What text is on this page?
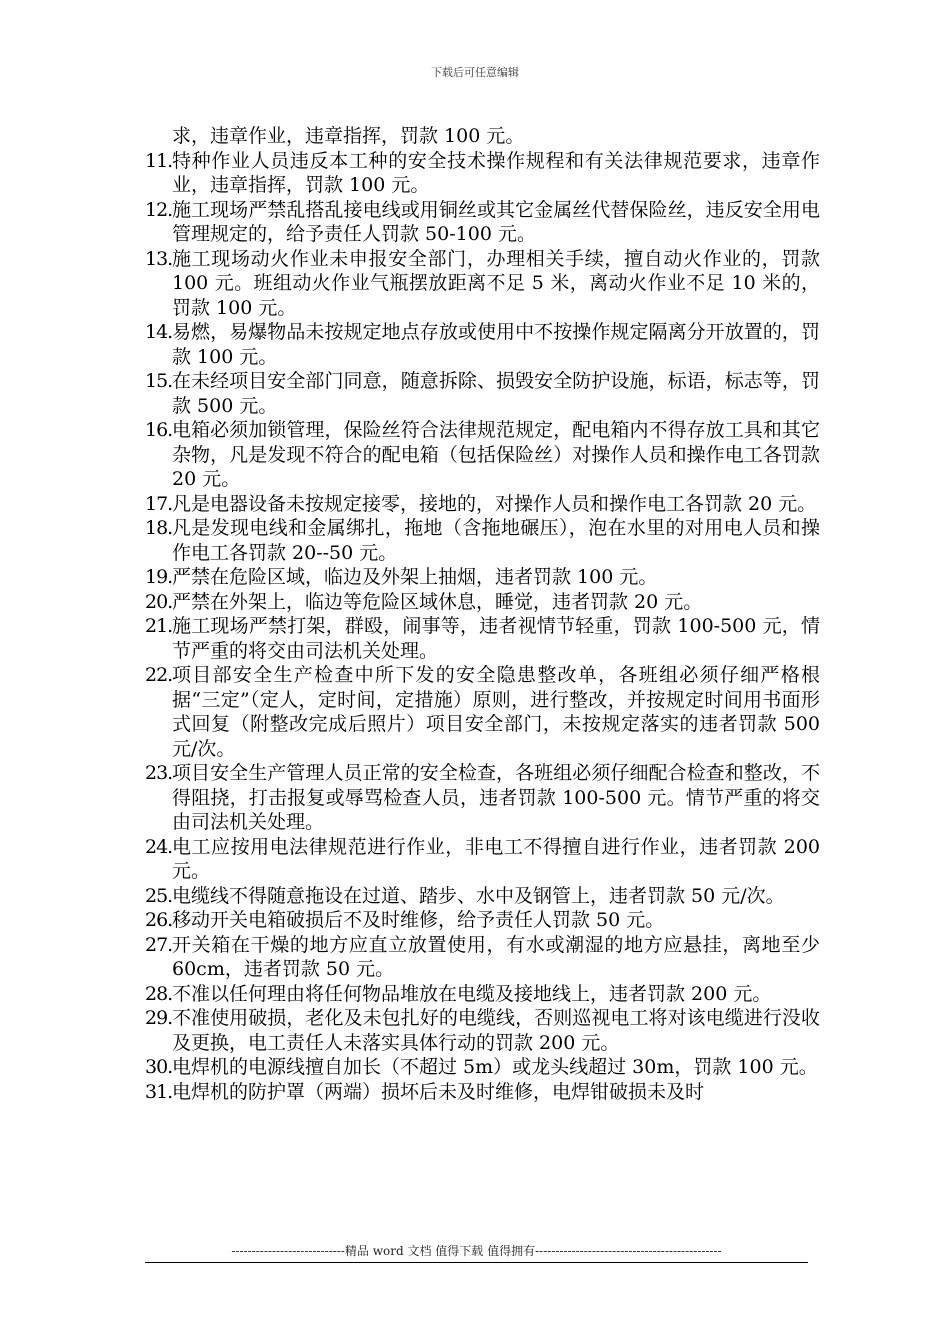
下载后可任意编辑
求，违章作业，违章指挥，罚款 100 元。
11. 特种作业人员违反本工种的安全技术操作规程和有关法律规范要求，违章作业，违章指挥，罚款 100 元。
12. 施工现场严禁乱搭乱接电线或用铜丝或其它金属丝代替保险丝，违反安全用电管理规定的，给予责任人罚款 50-100 元。
13. 施工现场动火作业未申报安全部门，办理相关手续，擅自动火作业的，罚款 100 元。班组动火作业气瓶摆放距离不足 5 米，离动火作业不足 10 米的，罚款 100 元。
14. 易燃，易爆物品未按规定地点存放或使用中不按操作规定隔离分开放置的，罚款 100 元。
15. 在未经项目安全部门同意，随意拆除、损毁安全防护设施，标语，标志等，罚款 500 元。
16. 电箱必须加锁管理，保险丝符合法律规范规定，配电箱内不得存放工具和其它杂物，凡是发现不符合的配电箱（包括保险丝）对操作人员和操作电工各罚款 20 元。
17. 凡是电器设备未按规定接零，接地的，对操作人员和操作电工各罚款 20 元。
18. 凡是发现电线和金属绑扎，拖地（含拖地碾压），泡在水里的对用电人员和操作电工各罚款 20--50 元。
19. 严禁在危险区域，临边及外架上抽烟，违者罚款 100 元。
20. 严禁在外架上，临边等危险区域休息，睡觉，违者罚款 20 元。
21. 施工现场严禁打架，群殴，闹事等，违者视情节轻重，罚款 100-500 元，情节严重的将交由司法机关处理。
22. 项目部安全生产检查中所下发的安全隐患整改单，各班组必须仔细严格根据“三定”（定人，定时间，定措施）原则，进行整改，并按规定时间用书面形式回复（附整改完成后照片）项目安全部门，未按规定落实的违者罚款 500 元/次。
23. 项目安全生产管理人员正常的安全检查，各班组必须仔细配合检查和整改，不得阻挠，打击报复或辱骂检查人员，违者罚款 100-500 元。情节严重的将交由司法机关处理。
24. 电工应按用电法律规范进行作业，非电工不得擅自进行作业，违者罚款 200 元。
25. 电缆线不得随意拖设在过道、踏步、水中及钢管上，违者罚款 50 元/次。
26. 移动开关电箱破损后不及时维修，给予责任人罚款 50 元。
27. 开关箱在干燥的地方应直立放置使用，有水或潮湿的地方应悬挂，离地至少 60cm，违者罚款 50 元。
28. 不准以任何理由将任何物品堆放在电缆及接地线上，违者罚款 200 元。
29. 不准使用破损，老化及未包扎好的电缆线，否则巡视电工将对该电缆进行没收及更换，电工责任人未落实具体行动的罚款 200 元。
30. 电焊机的电源线擅自加长（不超过 5m）或龙头线超过 30m，罚款 100 元。
31. 电焊机的防护罩（两端）损坏后未及时维修，电焊钳破损未及时
----------------------------精品 word 文档 值得下载 值得拥有----------------------------------------------
